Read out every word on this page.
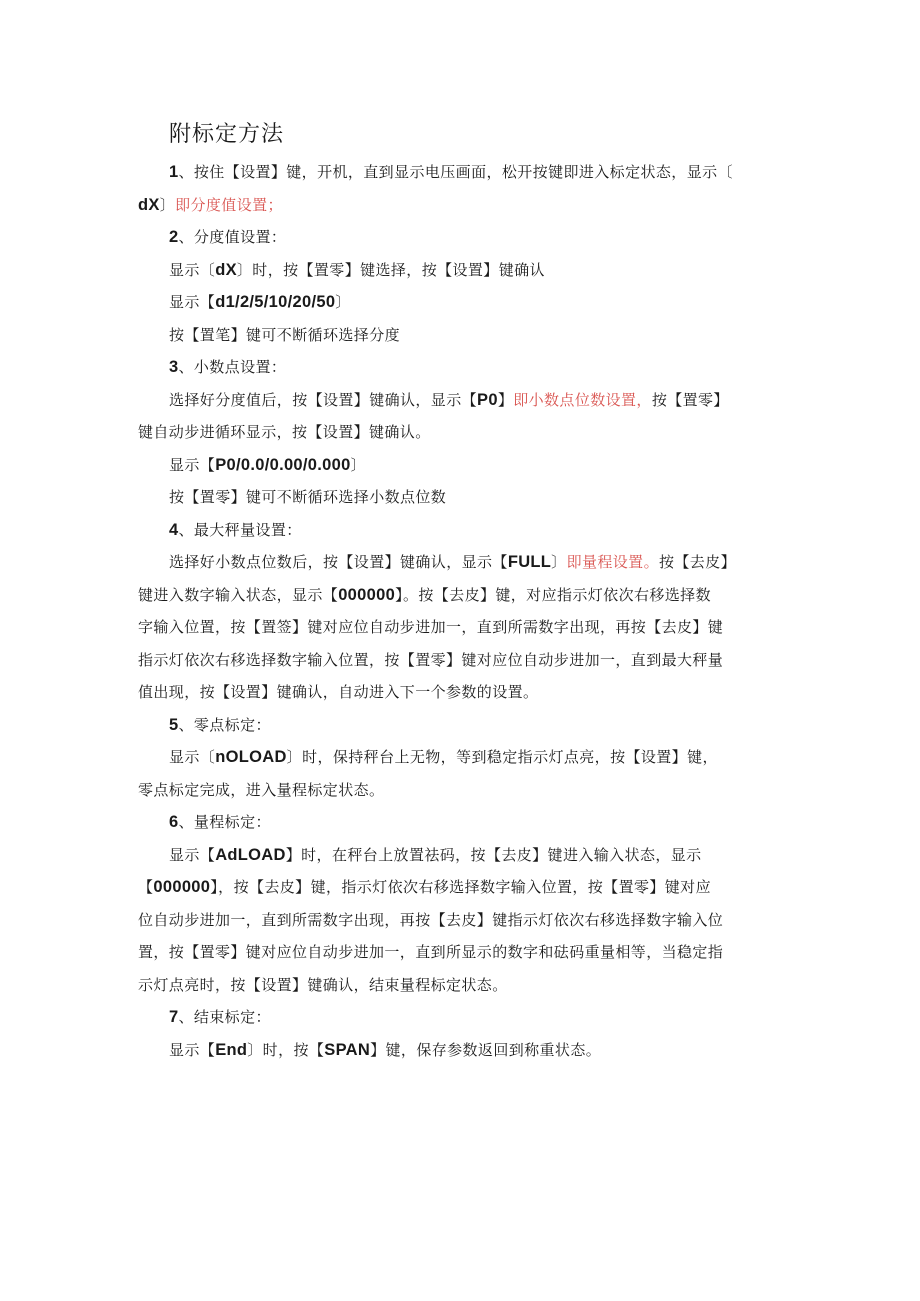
附标定方法
1、按住【设置】键，开机，直到显示电压画面，松开按键即进入标定状态，显示〔
dX〕即分度值设置；
2、分度值设置：
显示〔dX〕时，按【置零】键选择，按【设置】键确认
显示【d1/2/5/10/20/50〕
按【置笔】键可不断循环选择分度
3、小数点设置：
选择好分度值后，按【设置】键确认，显示【P0】即小数点位数设置，按【置零】
键自动步进循环显示，按【设置】键确认。
显示【P0/0.0/0.00/0.000〕
按【置零】键可不断循环选择小数点位数
4、最大秤量设置：
选择好小数点位数后，按【设置】键确认，显示【FULL〕即量程设置。按【去皮】
键进入数字输入状态，显示【000000】。按【去皮】键，对应指示灯依次右移选择数
字输入位置，按【置签】键对应位自动步进加一，直到所需数字出现，再按【去皮】键
指示灯依次右移选择数字输入位置，按【置零】键对应位自动步进加一，直到最大秤量
值出现，按【设置】键确认，自动进入下一个参数的设置。
5、零点标定：
显示〔nOLOAD〕时，保持秤台上无物，等到稳定指示灯点亮，按【设置】键，
零点标定完成，进入量程标定状态。
6、量程标定：
显示【AdLOAD】时，在秤台上放置祛码，按【去皮】键进入输入状态，显示
【000000】，按【去皮】键，指示灯依次右移选择数字输入位置，按【置零】键对应
位自动步进加一，直到所需数字出现，再按【去皮】键指示灯依次右移选择数字输入位
置，按【置零】键对应位自动步进加一，直到所显示的数字和砝码重量相等，当稳定指
示灯点亮时，按【设置】键确认，结束量程标定状态。
7、结束标定：
显示【End〕时，按【SPAN】键，保存参数返回到称重状态。
